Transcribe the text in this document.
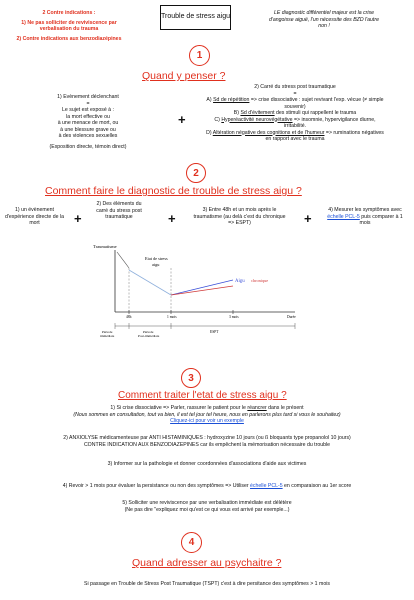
2 Contre indications :
1) Ne pas solliciter de reviviscence par verbalisation du trauma
2) Contre indications aux benzodiazépines
Trouble de stress aigu
LE diagnostic différentiel majeur est la crise d'angoisse aiguë, l'un nécessite des BZD l'autre non !
1
Quand y penser ?
1) Evènement déclenchant
=
Le sujet est exposé à :
la mort effective ou
à une menace de mort, ou
à une blessure grave ou
à des violences sexuelles
(Exposition directe, témoin direct)
+
2) Carré du stress post traumatique
=
A) Sd de répétition => crise dissociative : sujet revivant l'exp. vécue (≠ simple souvenir)
B) Sd d'évitement des stimuli qui rappellent le trauma
C) Hyperéactivité neurovégétative => insomnie, hypervigilance diurne, irritabilité.
D) Altération négative des cognitions et de l'humeur => ruminations négatives en rapport avec le trauma
2
Comment faire le diagnostic de trouble de stress aigu ?
1) un évènement d'expérience directe de la mort	+
2) Des éléments du carré du stress post traumatique	+
3) Entre 48h et un mois après le traumatisme (au delà c'est du chronique => ESPT)	+
4) Mesurer les symptômes avec échelle PCL-5 puis comparer à 1 mois
Traumatisme
Etat de stress
aigu
Aigu chronique
48h	1 mois	3 mois	Durée
Période
immédiate
Période
Post-immédiate
ESPT
3
Comment traiter l'etat de stress aigu ?
1) Si crise dissociative => Parler, rassurer le patient pour le réancrer dans le présent
(Nous sommes en consultation, tout va bien, il est tel jour tel heure, nous en parlerons plus tard si vous le souhaitez)
Cliquez-ici pour voir un exemple
2) ANXIOLYSE médicamenteuse par ANTI HISTAMINIQUES : hydroxyzine 10 jours (ou ß bloquants type propanolol 10 jours)
CONTRE INDICATION AUX BENZODIAZEPINES car ils empêchent la mémorisation nécessaire du trouble
3) Informer sur la pathologie et donner coordonnées d'associations d'aide aux victimes
4) Revoir > 1 mois pour évaluer la persistance ou non des symptômes => Utiliser échelle PCL-5 en comparaison au 1er score
5) Solliciter une reviviscence par une verbalisation immédiate est délétère
(Ne pas dire "expliquez moi qu'est ce qui vous est arrivé par exemple...)
4
Quand adresser au psychaitre ?
Si passage en Trouble de Stress Post Traumatique (TSPT) c'est à dire persitance des symptômes > 1 mois
